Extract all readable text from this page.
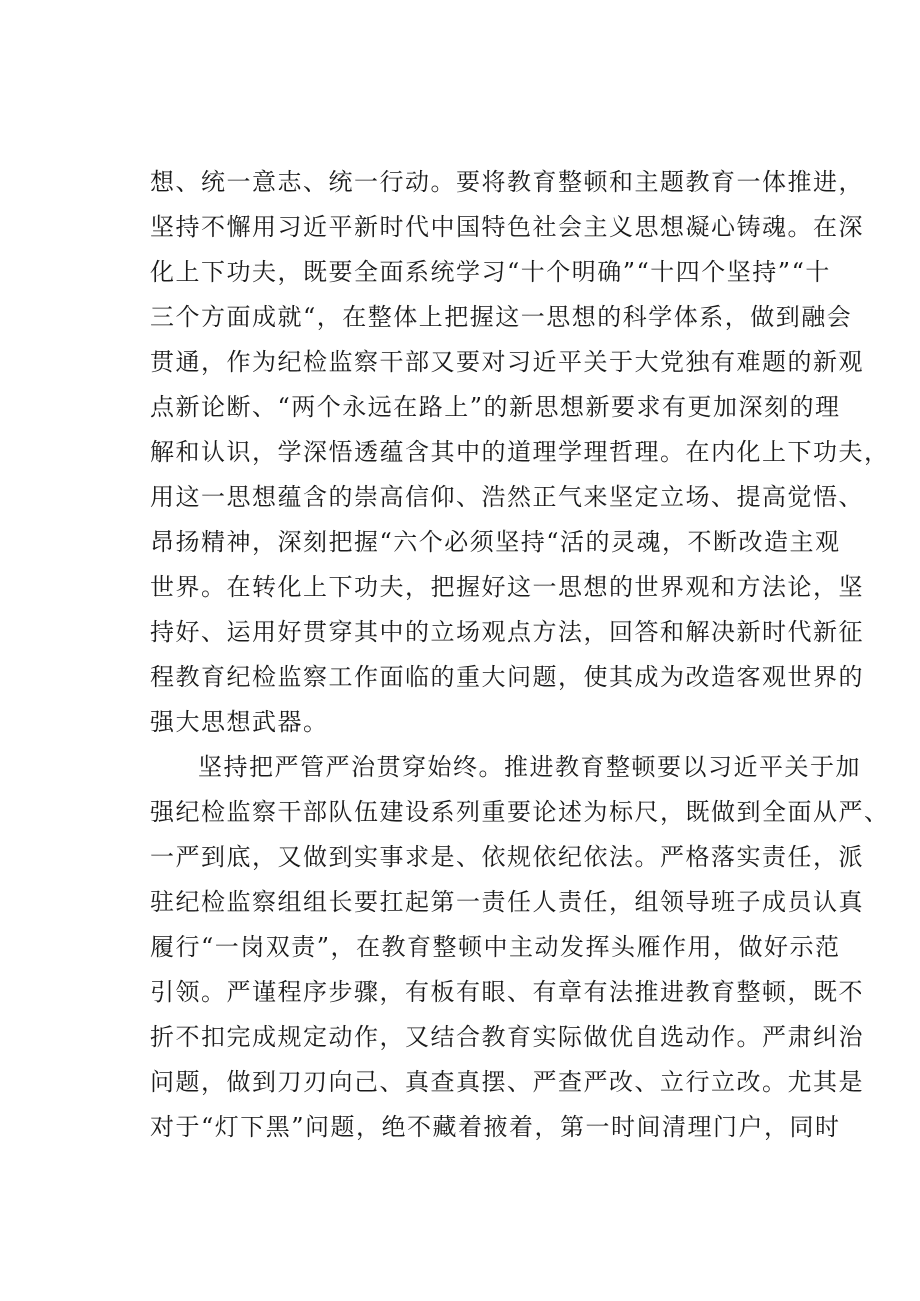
想、统一意志、统一行动。要将教育整顿和主题教育一体推进，
坚持不懈用习近平新时代中国特色社会主义思想凝心铸魂。在深
化上下功夫，既要全面系统学习“十个明确”“十四个坚持”“十
三个方面成就“，在整体上把握这一思想的科学体系，做到融会
贯通，作为纪检监察干部又要对习近平关于大党独有难题的新观
点新论断、“两个永远在路上”的新思想新要求有更加深刻的理
解和认识，学深悟透蕴含其中的道理学理哲理。在内化上下功夫，
用这一思想蕴含的崇高信仰、浩然正气来坚定立场、提高觉悟、
昂扬精神，深刻把握“六个必须坚持“活的灵魂，不断改造主观
世界。在转化上下功夫，把握好这一思想的世界观和方法论，坚
持好、运用好贯穿其中的立场观点方法，回答和解决新时代新征
程教育纪检监察工作面临的重大问题，使其成为改造客观世界的
强大思想武器。
坚持把严管严治贯穿始终。推进教育整顿要以习近平关于加
强纪检监察干部队伍建设系列重要论述为标尺，既做到全面从严、
一严到底，又做到实事求是、依规依纪依法。严格落实责任，派
驻纪检监察组组长要扛起第一责任人责任，组领导班子成员认真
履行“一岗双责”，在教育整顿中主动发挥头雁作用，做好示范
引领。严谨程序步骤，有板有眼、有章有法推进教育整顿，既不
折不扣完成规定动作，又结合教育实际做优自选动作。严肃纠治
问题，做到刀刃向己、真查真摆、严查严改、立行立改。尤其是
对于“灯下黑”问题，绝不藏着掖着，第一时间清理门户，同时
